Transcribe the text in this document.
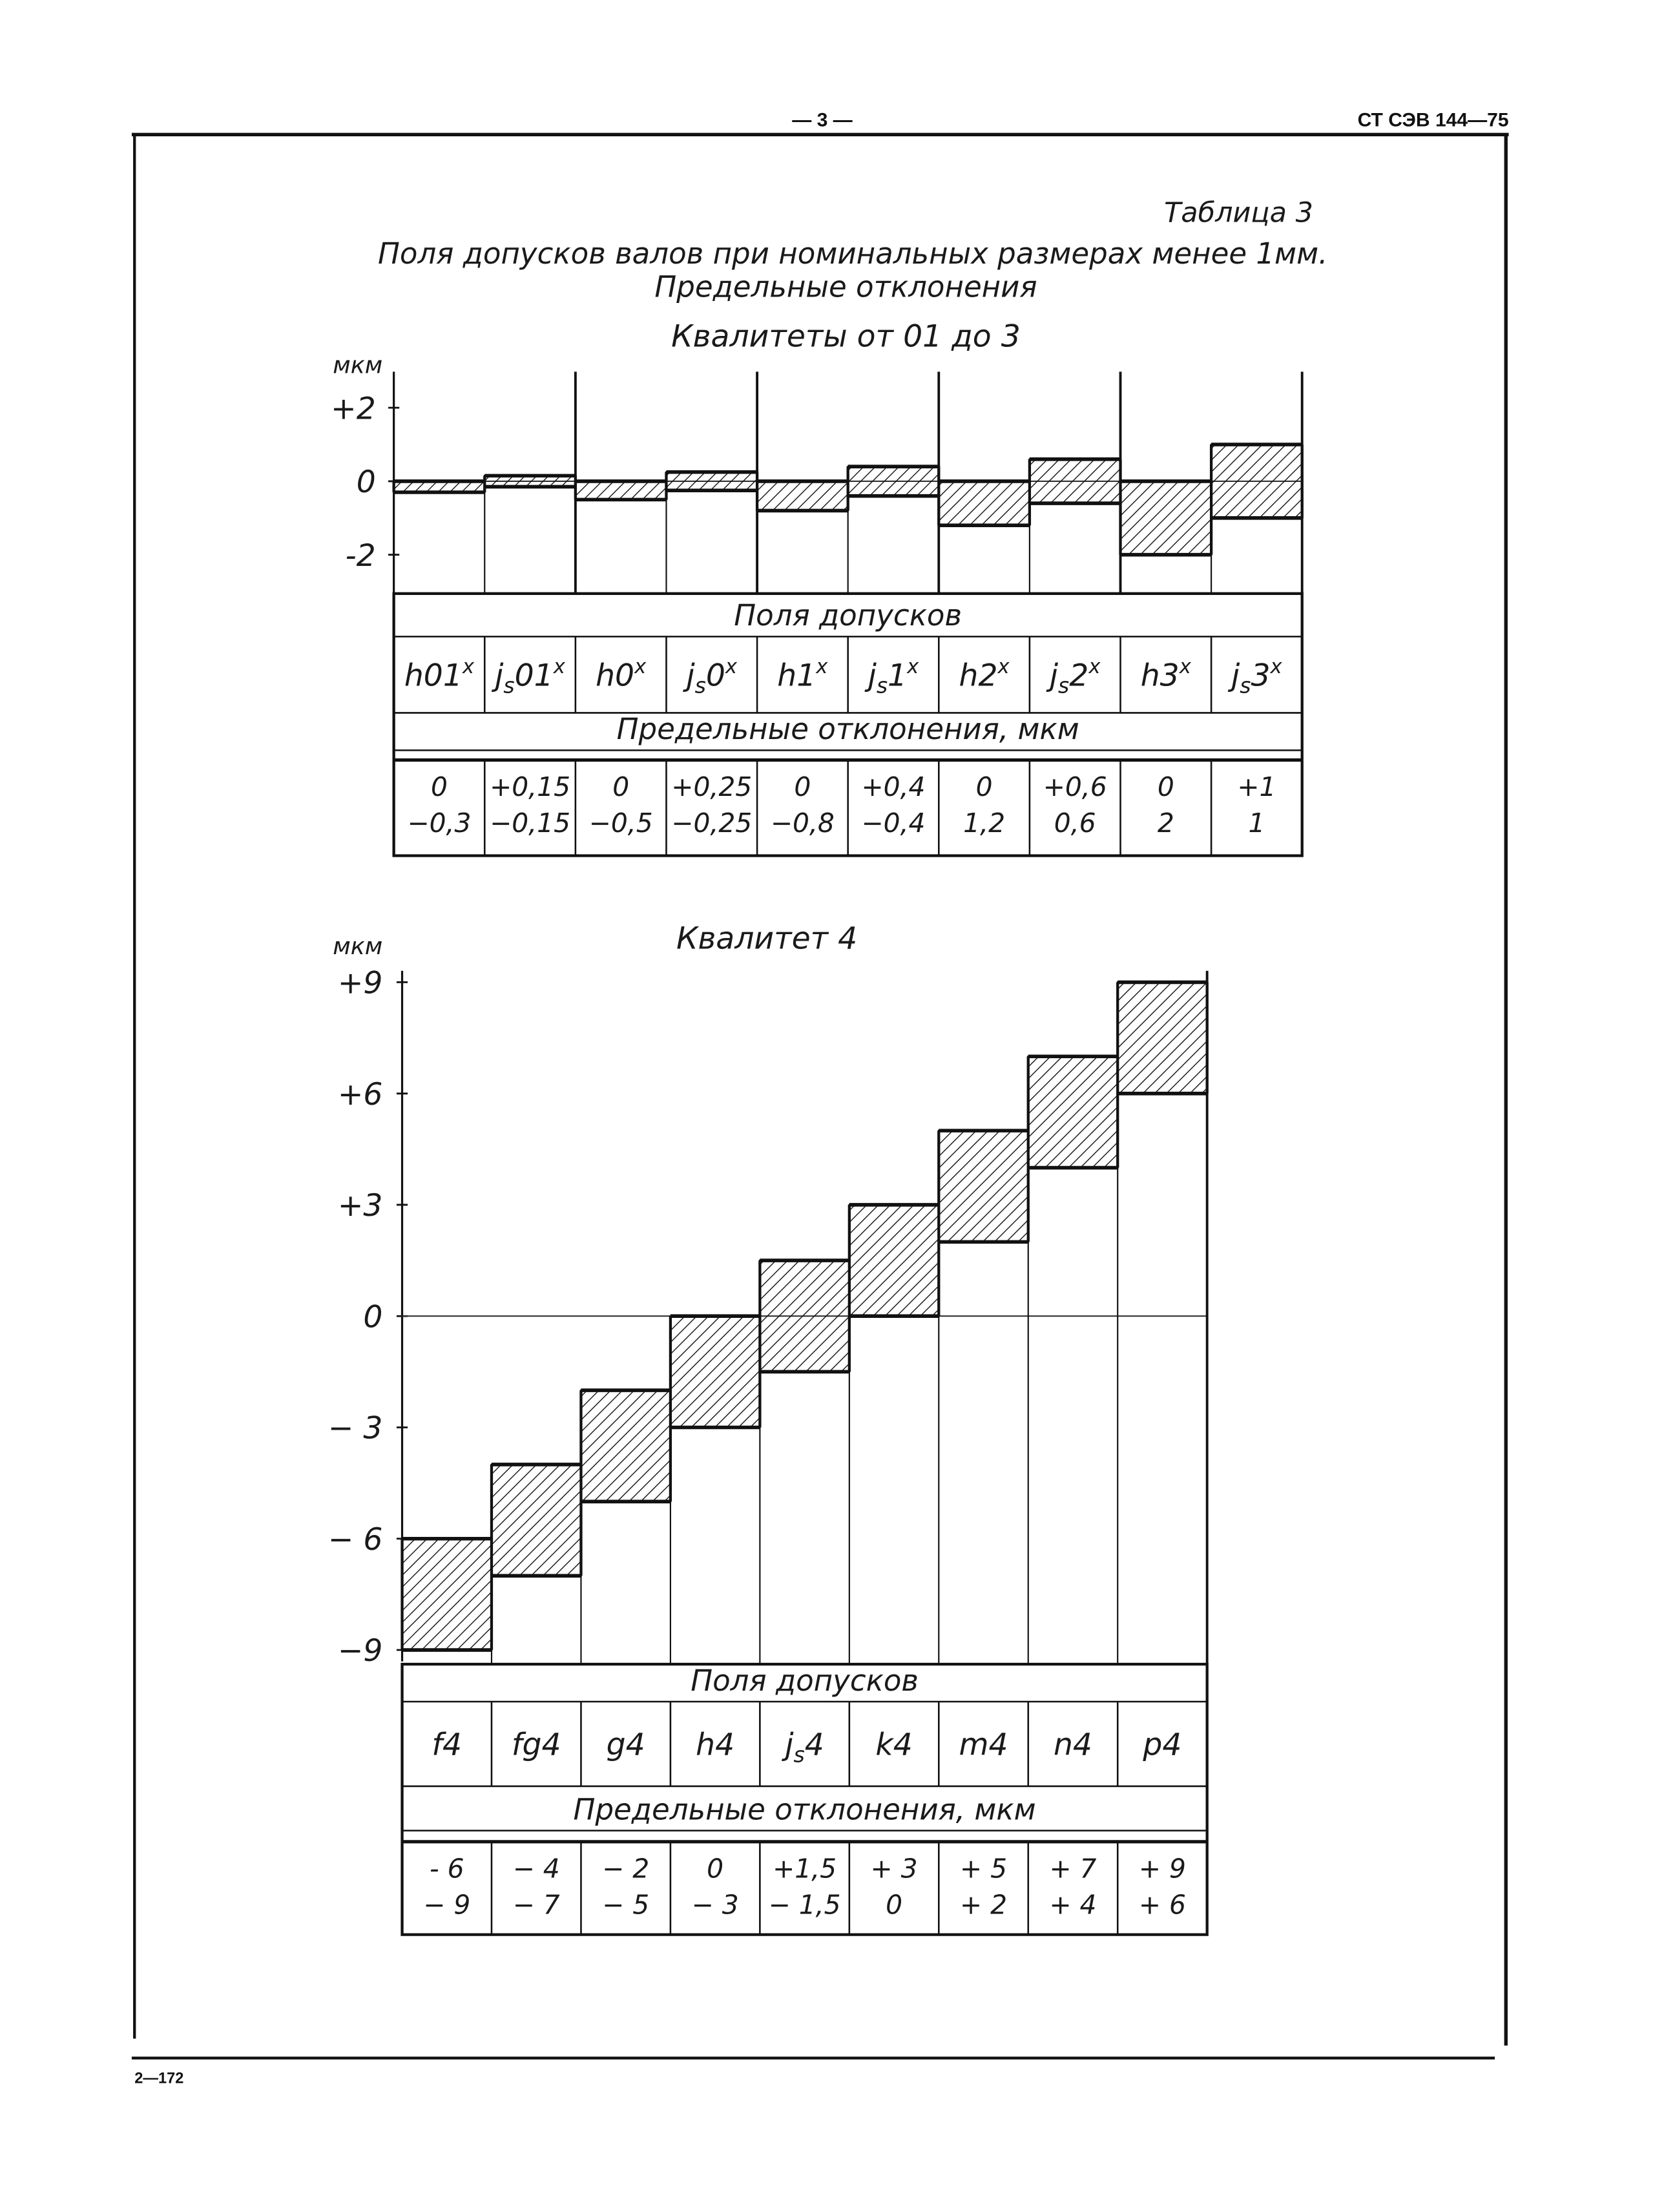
— 3 —	СТ СЭВ 144—75
2—172
Таблица 3
Поля допусков валов при номинальных размерах менее 1мм.
Предельные отклонения
Квалитеты от 01 до 3
мкм
+2
0
-2
Поля допусков
Предельные отклонения, мкм
h01$^x$
0
−0,3
$j_s01^x$
+0,15
−0,15
h0$^x$
0
−0,5
$j_s0^x$
+0,25
−0,25
h1$^x$
0
−0,8
$j_s1^x$
+0,4
−0,4
h2$^x$
0
1,2
$j_s2^x$
+0,6
0,6
h3$^x$
0
2
$j_s3^x$
+1
1
Квалитет 4
мкм
+9
+6
+3
0
− 3
− 6
−9
Поля допусков
Предельные отклонения, мкм
f4
- 6
− 9
fg4
− 4
− 7
g4
− 2
− 5
h4
0
− 3
$j_s4$
+1,5
− 1,5
k4
+ 3
0
m4
+ 5
+ 2
n4
+ 7
+ 4
p4
+ 9
+ 6
